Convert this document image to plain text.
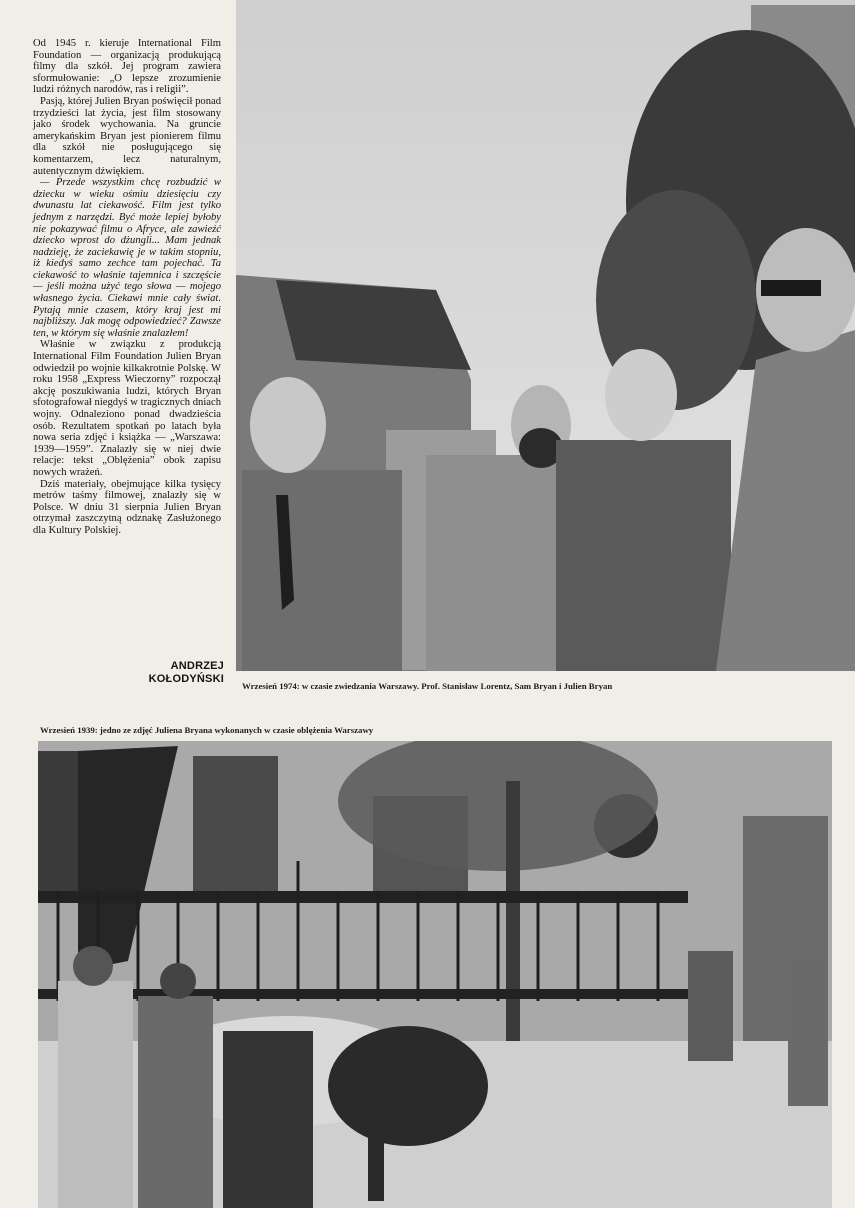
Od 1945 r. kieruje International Film Foundation — organizacją produkującą filmy dla szkół. Jej program zawiera sformułowanie: „O lepsze zrozumienie ludzi różnych narodów, ras i religii”.

Pasją, której Julien Bryan poświęcił ponad trzydzieści lat życia, jest film stosowany jako środek wychowania. Na gruncie amerykańskim Bryan jest pionierem filmu dla szkół nie posługującego się komentarzem, lecz naturalnym, autentycznym dźwiękiem.

— Przede wszystkim chcę rozbudzić w dziecku w wieku ośmiu dziesięciu czy dwunastu lat ciekawość. Film jest tylko jednym z narzędzi. Być może lepiej byłoby nie pokazywać filmu o Afryce, ale zawieźć dziecko wprost do dżungli... Mam jednak nadzieję, że zaciekawię je w takim stopniu, iż kiedyś samo zechce tam pojechać. Ta ciekawość to właśnie tajemnica i szczęście — jeśli można użyć tego słowa — mojego własnego życia. Ciekawi mnie cały świat. Pytają mnie czasem, który kraj jest mi najbliższy. Jak mogę odpowiedzieć? Zawsze ten, w którym się właśnie znalazłem!

Właśnie w związku z produkcją International Film Foundation Julien Bryan odwiedził po wojnie kilkakrotnie Polskę. W roku 1958 „Express Wieczorny” rozpoczął akcję poszukiwania ludzi, których Bryan sfotografował niegdyś w tragicznych dniach wojny. Odnaleziono ponad dwadzieścia osób. Rezultatem spotkań po latach była nowa seria zdjęć i książka — „Warszawa: 1939—1959”. Znalazły się w niej dwie relacje: tekst „Oblężenia” obok zapisu nowych wrażeń.

Dziś materiały, obejmujące kilka tysięcy metrów taśmy filmowej, znalazły się w Polsce. W dniu 31 sierpnia Julien Bryan otrzymał zaszczytną odznakę Zasłużonego dla Kultury Polskiej.

ANDRZEJ
KOŁODYŃSKI
Wrzesień 1974: w czasie zwiedzania Warszawy. Prof. Stanisław Lorentz, Sam Bryan i Julien Bryan
Wrzesień 1939: jedno ze zdjęć Juliena Bryana wykonanych w czasie oblężenia Warszawy
